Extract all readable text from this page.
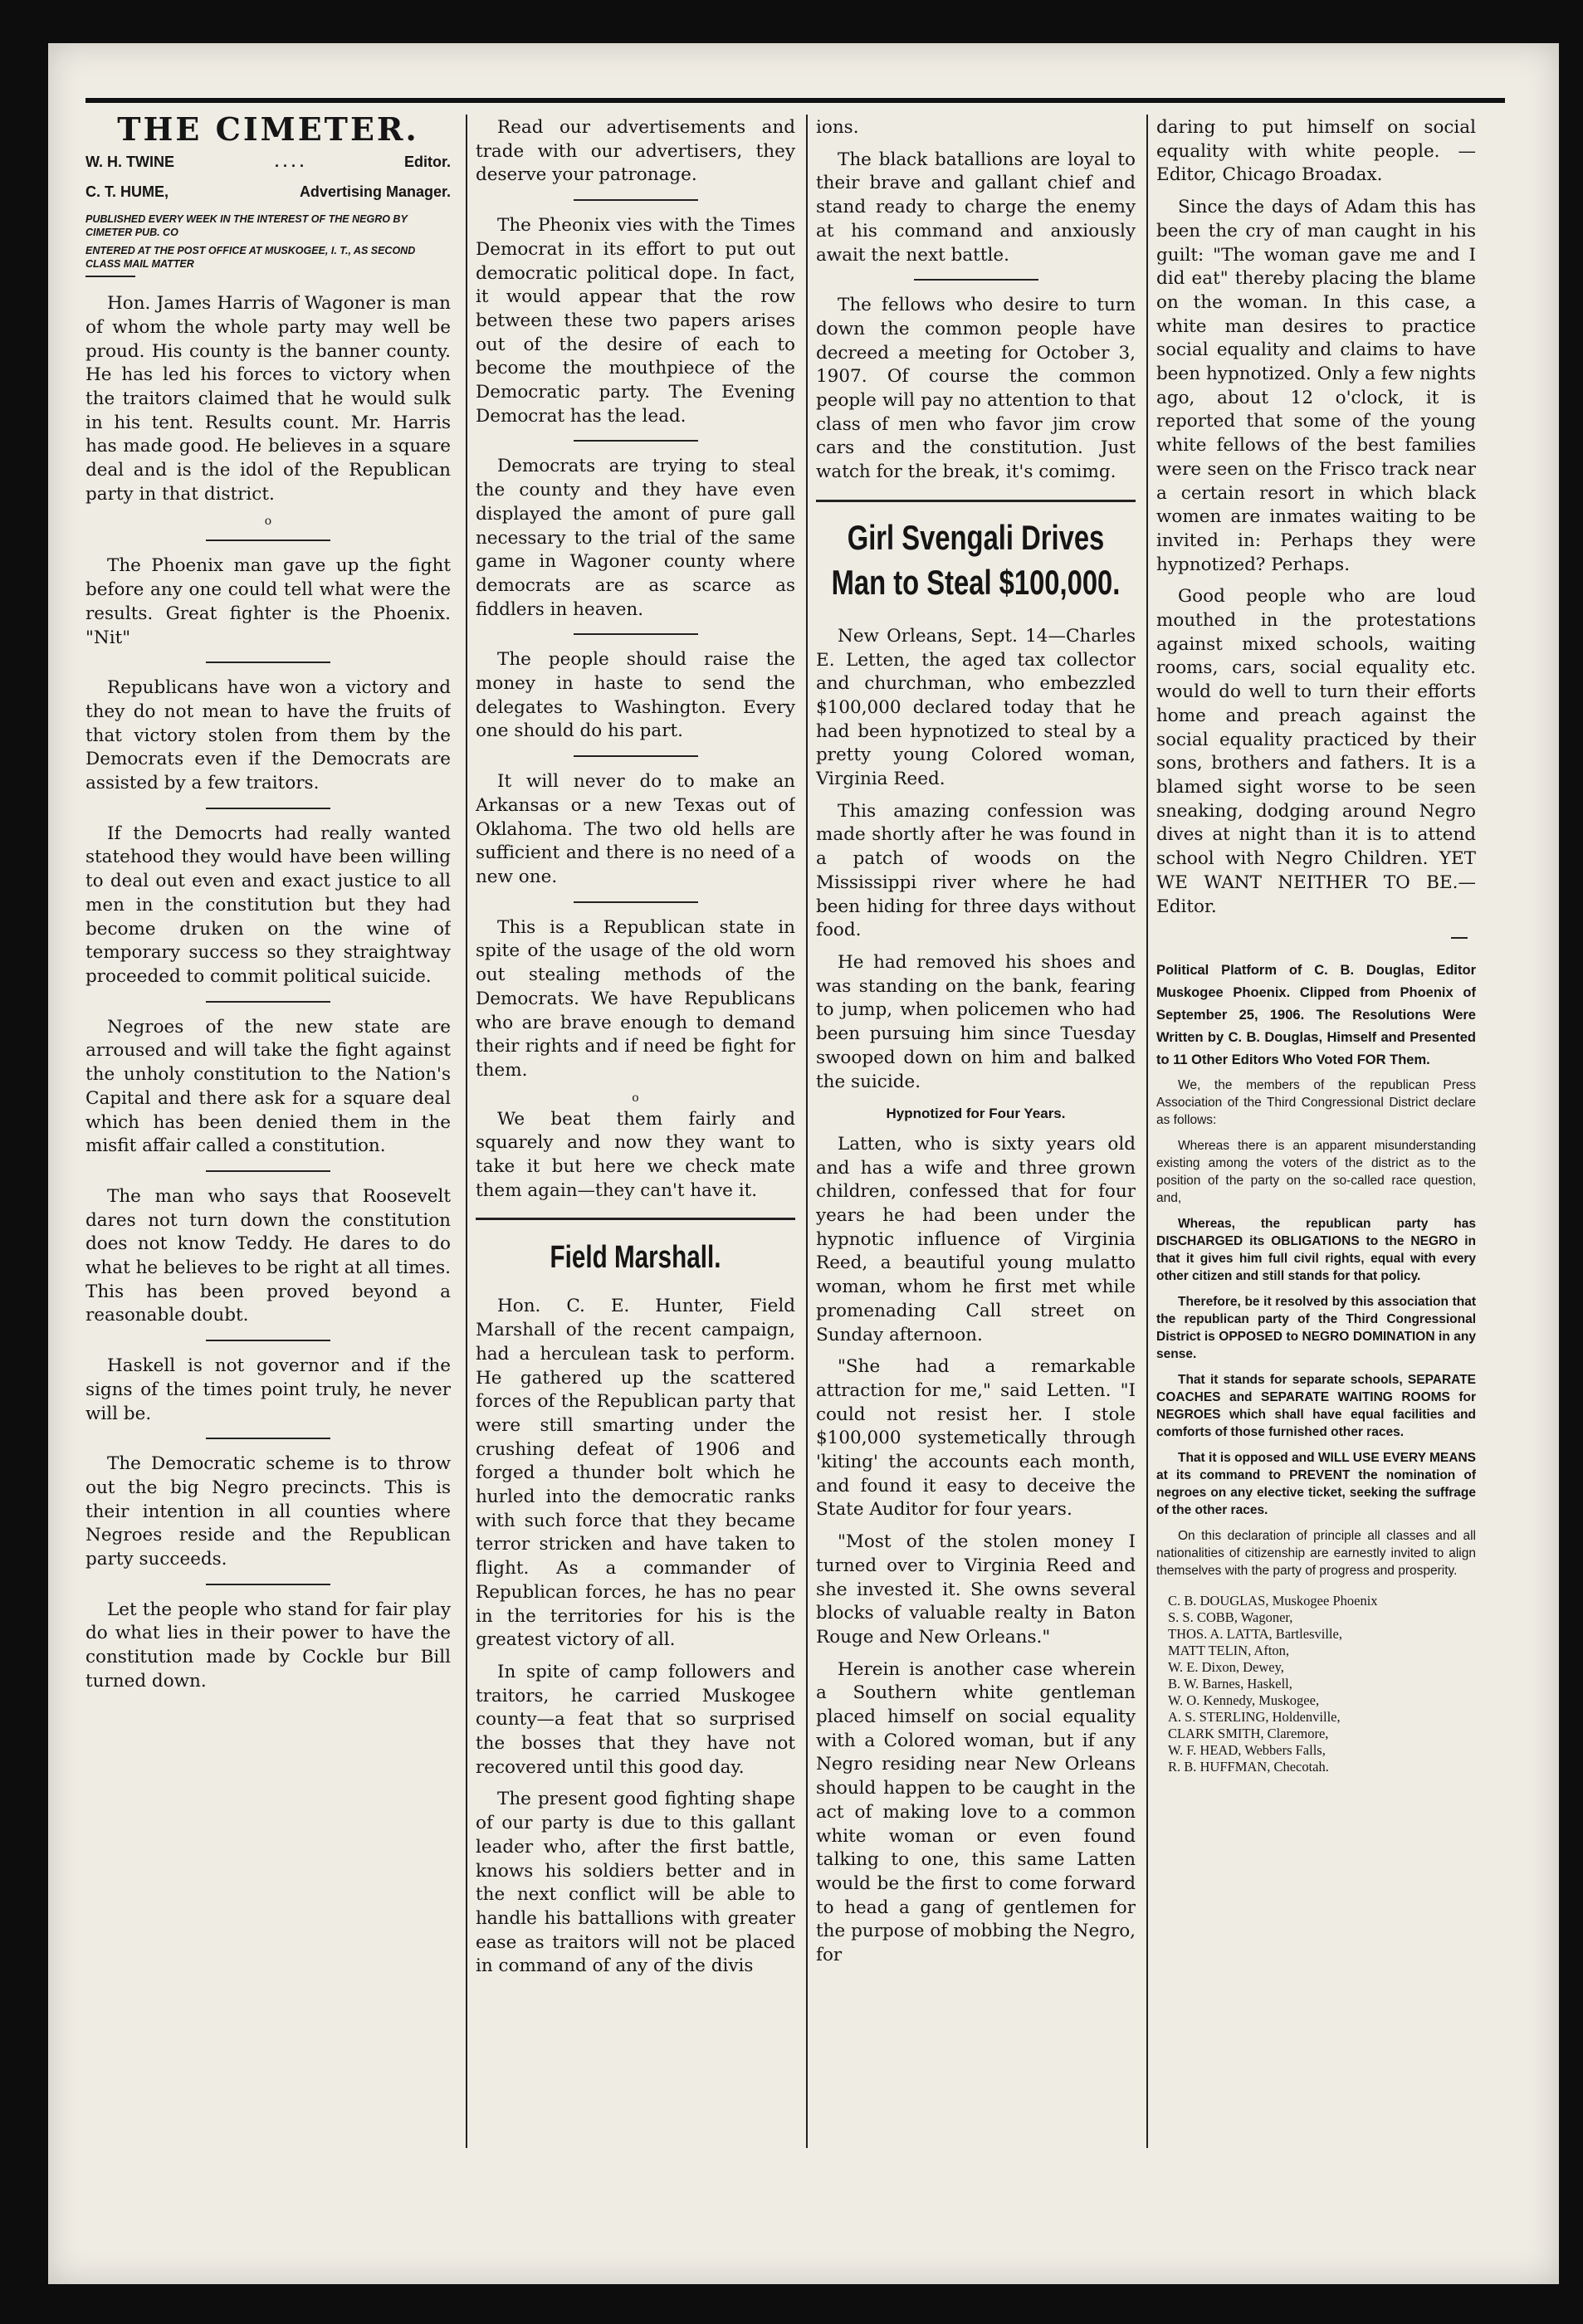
THE CIMETER.
W. H. TWINE	. . . .	Editor.
C. T. HUME,	Advertising Manager.
PUBLISHED EVERY WEEK IN THE INTEREST OF THE NEGRO BY CIMETER PUB. CO
ENTERED AT THE POST OFFICE AT MUSKOGEE, I. T., AS SECOND CLASS MAIL MATTER

Hon. James Harris of Wagoner is man of whom the whole party may well be proud. His county is the banner county. He has led his forces to victory when the traitors claimed that he would sulk in his tent. Results count. Mr. Harris has made good. He believes in a square deal and is the idol of the Republican party in that district.

o

The Phoenix man gave up the fight before any one could tell what were the results. Great fighter is the Phoenix. "Nit"

Republicans have won a victory and they do not mean to have the fruits of that victory stolen from them by the Democrats even if the Democrats are assisted by a few traitors.

If the Democrts had really wanted statehood they would have been willing to deal out even and exact justice to all men in the constitution but they had become druken on the wine of temporary success so they straightway proceeded to commit political suicide.

Negroes of the new state are arroused and will take the fight against the unholy constitution to the Nation's Capital and there ask for a square deal which has been denied them in the misfit affair called a constitution.

The man who says that Roosevelt dares not turn down the constitution does not know Teddy. He dares to do what he believes to be right at all times. This has been proved beyond a reasonable doubt.

Haskell is not governor and if the signs of the times point truly, he never will be.

The Democratic scheme is to throw out the big Negro precincts. This is their intention in all counties where Negroes reside and the Republican party succeeds.

Let the people who stand for fair play do what lies in their power to have the constitution made by Cockle bur Bill turned down.

Read our advertisements and trade with our advertisers, they deserve your patronage.

The Pheonix vies with the Times Democrat in its effort to put out democratic political dope. In fact, it would appear that the row between these two papers arises out of the desire of each to become the mouthpiece of the Democratic party. The Evening Democrat has the lead.

Democrats are trying to steal the county and they have even displayed the amont of pure gall necessary to the trial of the same game in Wagoner county where democrats are as scarce as fiddlers in heaven.

The people should raise the money in haste to send the delegates to Washington. Every one should do his part.

It will never do to make an Arkansas or a new Texas out of Oklahoma. The two old hells are sufficient and there is no need of a new one.

This is a Republican state in spite of the usage of the old worn out stealing methods of the Democrats. We have Republicans who are brave enough to demand their rights and if need be fight for them.

o

We beat them fairly and squarely and now they want to take it but here we check mate them again—they can't have it.

Field Marshall.

Hon. C. E. Hunter, Field Marshall of the recent campaign, had a herculean task to perform. He gathered up the scattered forces of the Republican party that were still smarting under the crushing defeat of 1906 and forged a thunder bolt which he hurled into the democratic ranks with such force that they became terror stricken and have taken to flight. As a commander of Republican forces, he has no pear in the territories for his is the greatest victory of all.

In spite of camp followers and traitors, he carried Muskogee county—a feat that so surprised the bosses that they have not recovered until this good day.

The present good fighting shape of our party is due to this gallant leader who, after the first battle, knows his soldiers better and in the next conflict will be able to handle his battallions with greater ease as traitors will not be placed in command of any of the divis

ions.

The black batallions are loyal to their brave and gallant chief and stand ready to charge the enemy at his command and anxiously await the next battle.

The fellows who desire to turn down the common people have decreed a meeting for October 3, 1907. Of course the common people will pay no attention to that class of men who favor jim crow cars and the constitution. Just watch for the break, it's comimg.

Girl Svengali Drives Man to Steal $100,000.

New Orleans, Sept. 14—Charles E. Letten, the aged tax collector and churchman, who embezzled $100,000 declared today that he had been hypnotized to steal by a pretty young Colored woman, Virginia Reed.

This amazing confession was made shortly after he was found in a patch of woods on the Mississippi river where he had been hiding for three days without food.

He had removed his shoes and was standing on the bank, fearing to jump, when policemen who had been pursuing him since Tuesday swooped down on him and balked the suicide.

Hypnotized for Four Years.

Latten, who is sixty years old and has a wife and three grown children, confessed that for four years he had been under the hypnotic influence of Virginia Reed, a beautiful young mulatto woman, whom he first met while promenading Call street on Sunday afternoon.

"She had a remarkable attraction for me," said Letten. "I could not resist her. I stole $100,000 systemetically through 'kiting' the accounts each month, and found it easy to deceive the State Auditor for four years.

"Most of the stolen money I turned over to Virginia Reed and she invested it. She owns several blocks of valuable realty in Baton Rouge and New Orleans."

Herein is another case wherein a Southern white gentleman placed himself on social equality with a Colored woman, but if any Negro residing near New Orleans should happen to be caught in the act of making love to a common white woman or even found talking to one, this same Latten would be the first to come forward to head a gang of gentlemen for the purpose of mobbing the Negro, for

daring to put himself on social equality with white people. —Editor, Chicago Broadax.

Since the days of Adam this has been the cry of man caught in his guilt: "The woman gave me and I did eat" thereby placing the blame on the woman. In this case, a white man desires to practice social equality and claims to have been hypnotized. Only a few nights ago, about 12 o'clock, it is reported that some of the young white fellows of the best families were seen on the Frisco track near a certain resort in which black women are inmates waiting to be invited in: Perhaps they were hypnotized? Perhaps.

Good people who are loud mouthed in the protestations against mixed schools, waiting rooms, cars, social equality etc. would do well to turn their efforts home and preach against the social equality practiced by their sons, brothers and fathers. It is a blamed sight worse to be seen sneaking, dodging around Negro dives at night than it is to attend school with Negro Children. YET WE WANT NEITHER TO BE.—Editor.

Political Platform of C. B. Douglas, Editor Muskogee Phoenix. Clipped from Phoenix of September 25, 1906. The Resolutions Were Written by C. B. Douglas, Himself and Presented to 11 Other Editors Who Voted FOR Them.

We, the members of the republican Press Association of the Third Congressional District declare as follows:

Whereas there is an apparent misunderstanding existing among the voters of the district as to the position of the party on the so-called race question, and,

Whereas, the republican party has DISCHARGED its OBLIGATIONS to the NEGRO in that it gives him full civil rights, equal with every other citizen and still stands for that policy.

Therefore, be it resolved by this association that the republican party of the Third Congressional District is OPPOSED to NEGRO DOMINATION in any sense.

That it stands for separate schools, SEPARATE COACHES and SEPARATE WAITING ROOMS for NEGROES which shall have equal facilities and comforts of those furnished other races.

That it is opposed and WILL USE EVERY MEANS at its command to PREVENT the nomination of negroes on any elective ticket, seeking the suffrage of the other races.

On this declaration of principle all classes and all nationalities of citizenship are earnestly invited to align themselves with the party of progress and prosperity.

C. B. DOUGLAS, Muskogee Phoenix
S. S. COBB, Wagoner,
THOS. A. LATTA, Bartlesville,
MATT TELIN, Afton,
W. E. Dixon, Dewey,
B. W. Barnes, Haskell,
W. O. Kennedy, Muskogee,
A. S. STERLING, Holdenville,
CLARK SMITH, Claremore,
W. F. HEAD, Webbers Falls,
R. B. HUFFMAN, Checotah.
